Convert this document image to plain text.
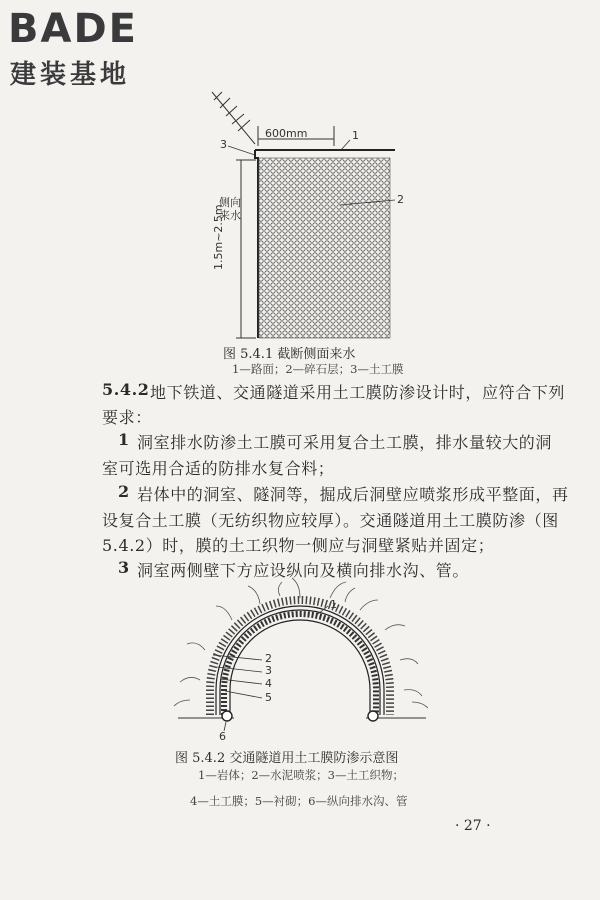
BADE
建装基地
600mm	1
2
3
侧向来水
1.5m~2.5m
图 5.4.1 截断侧面来水
1—路面；2—碎石层；3—土工膜
5.4.2 地下铁道、交通隧道采用土工膜防渗设计时，应符合下列
要求：
1 洞室排水防渗土工膜可采用复合土工膜，排水量较大的洞
室可选用合适的防排水复合料；
2 岩体中的洞室、隧洞等，掘成后洞壁应喷浆形成平整面，再
设复合土工膜（无纺织物应较厚）。交通隧道用土工膜防渗（图
5.4.2）时，膜的土工织物一侧应与洞壁紧贴并固定；
3 洞室两侧壁下方应设纵向及横向排水沟、管。
1
2
3
4
5
6
图 5.4.2 交通隧道用土工膜防渗示意图
1—岩体；2—水泥喷浆；3—土工织物；
4—土工膜；5—衬砌；6—纵向排水沟、管
· 27 ·
